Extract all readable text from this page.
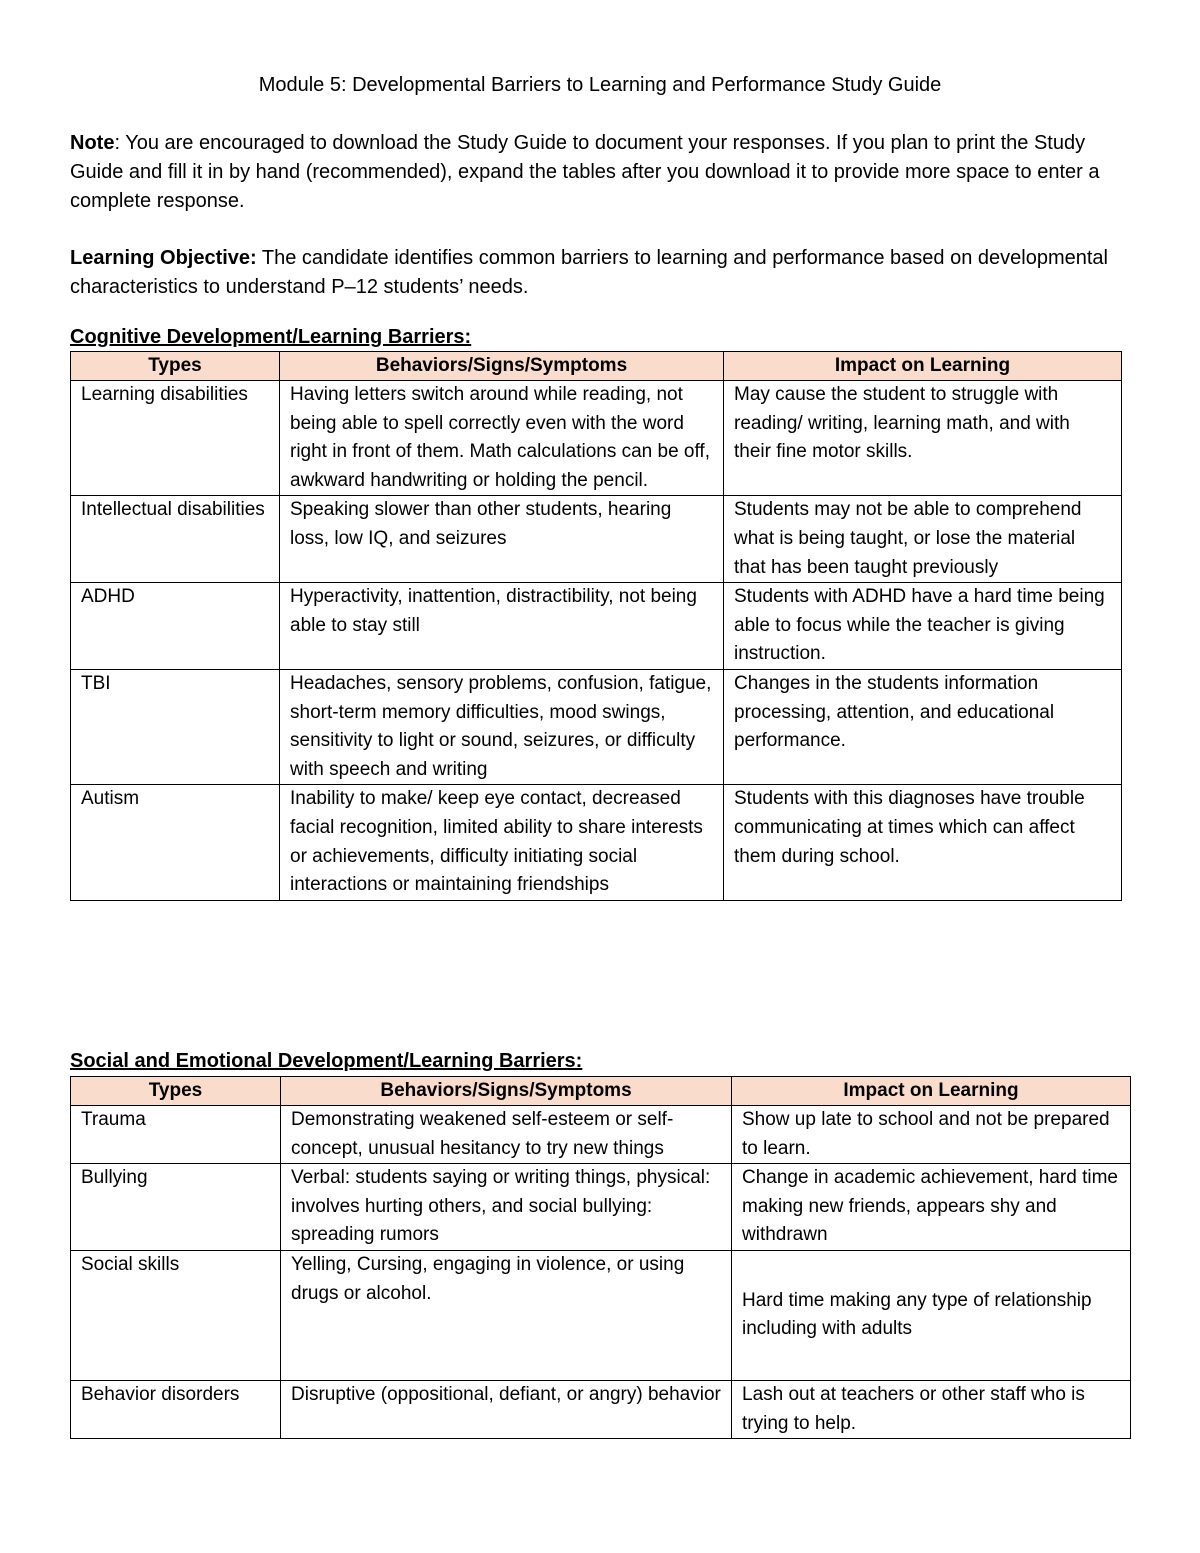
Module 5: Developmental Barriers to Learning and Performance Study Guide
Note: You are encouraged to download the Study Guide to document your responses. If you plan to print the Study Guide and fill it in by hand (recommended), expand the tables after you download it to provide more space to enter a complete response.
Learning Objective: The candidate identifies common barriers to learning and performance based on developmental characteristics to understand P–12 students’ needs.
Cognitive Development/Learning Barriers:
Types	Behaviors/Signs/Symptoms	Impact on Learning
Learning disabilities	Having letters switch around while reading, not being able to spell correctly even with the word right in front of them. Math calculations can be off, awkward handwriting or holding the pencil.	May cause the student to struggle with reading/ writing, learning math, and with their fine motor skills.
Intellectual disabilities	Speaking slower than other students, hearing loss, low IQ, and seizures	Students may not be able to comprehend what is being taught, or lose the material that has been taught previously
ADHD	Hyperactivity, inattention, distractibility, not being able to stay still	Students with ADHD have a hard time being able to focus while the teacher is giving instruction.
TBI	Headaches, sensory problems, confusion, fatigue, short-term memory difficulties, mood swings, sensitivity to light or sound, seizures, or difficulty with speech and writing	Changes in the students information processing, attention, and educational performance.
Autism	Inability to make/ keep eye contact, decreased facial recognition, limited ability to share interests or achievements, difficulty initiating social interactions or maintaining friendships	Students with this diagnoses have trouble communicating at times which can affect them during school.
Social and Emotional Development/Learning Barriers:
Types	Behaviors/Signs/Symptoms	Impact on Learning
Trauma	Demonstrating weakened self-esteem or self-concept, unusual hesitancy to try new things	Show up late to school and not be prepared to learn.
Bullying	Verbal: students saying or writing things, physical: involves hurting others, and social bullying: spreading rumors	Change in academic achievement, hard time making new friends, appears shy and withdrawn
Social skills	Yelling, Cursing, engaging in violence, or using drugs or alcohol.	Hard time making any type of relationship including with adults
Behavior disorders	Disruptive (oppositional, defiant, or angry) behavior	Lash out at teachers or other staff who is trying to help.
